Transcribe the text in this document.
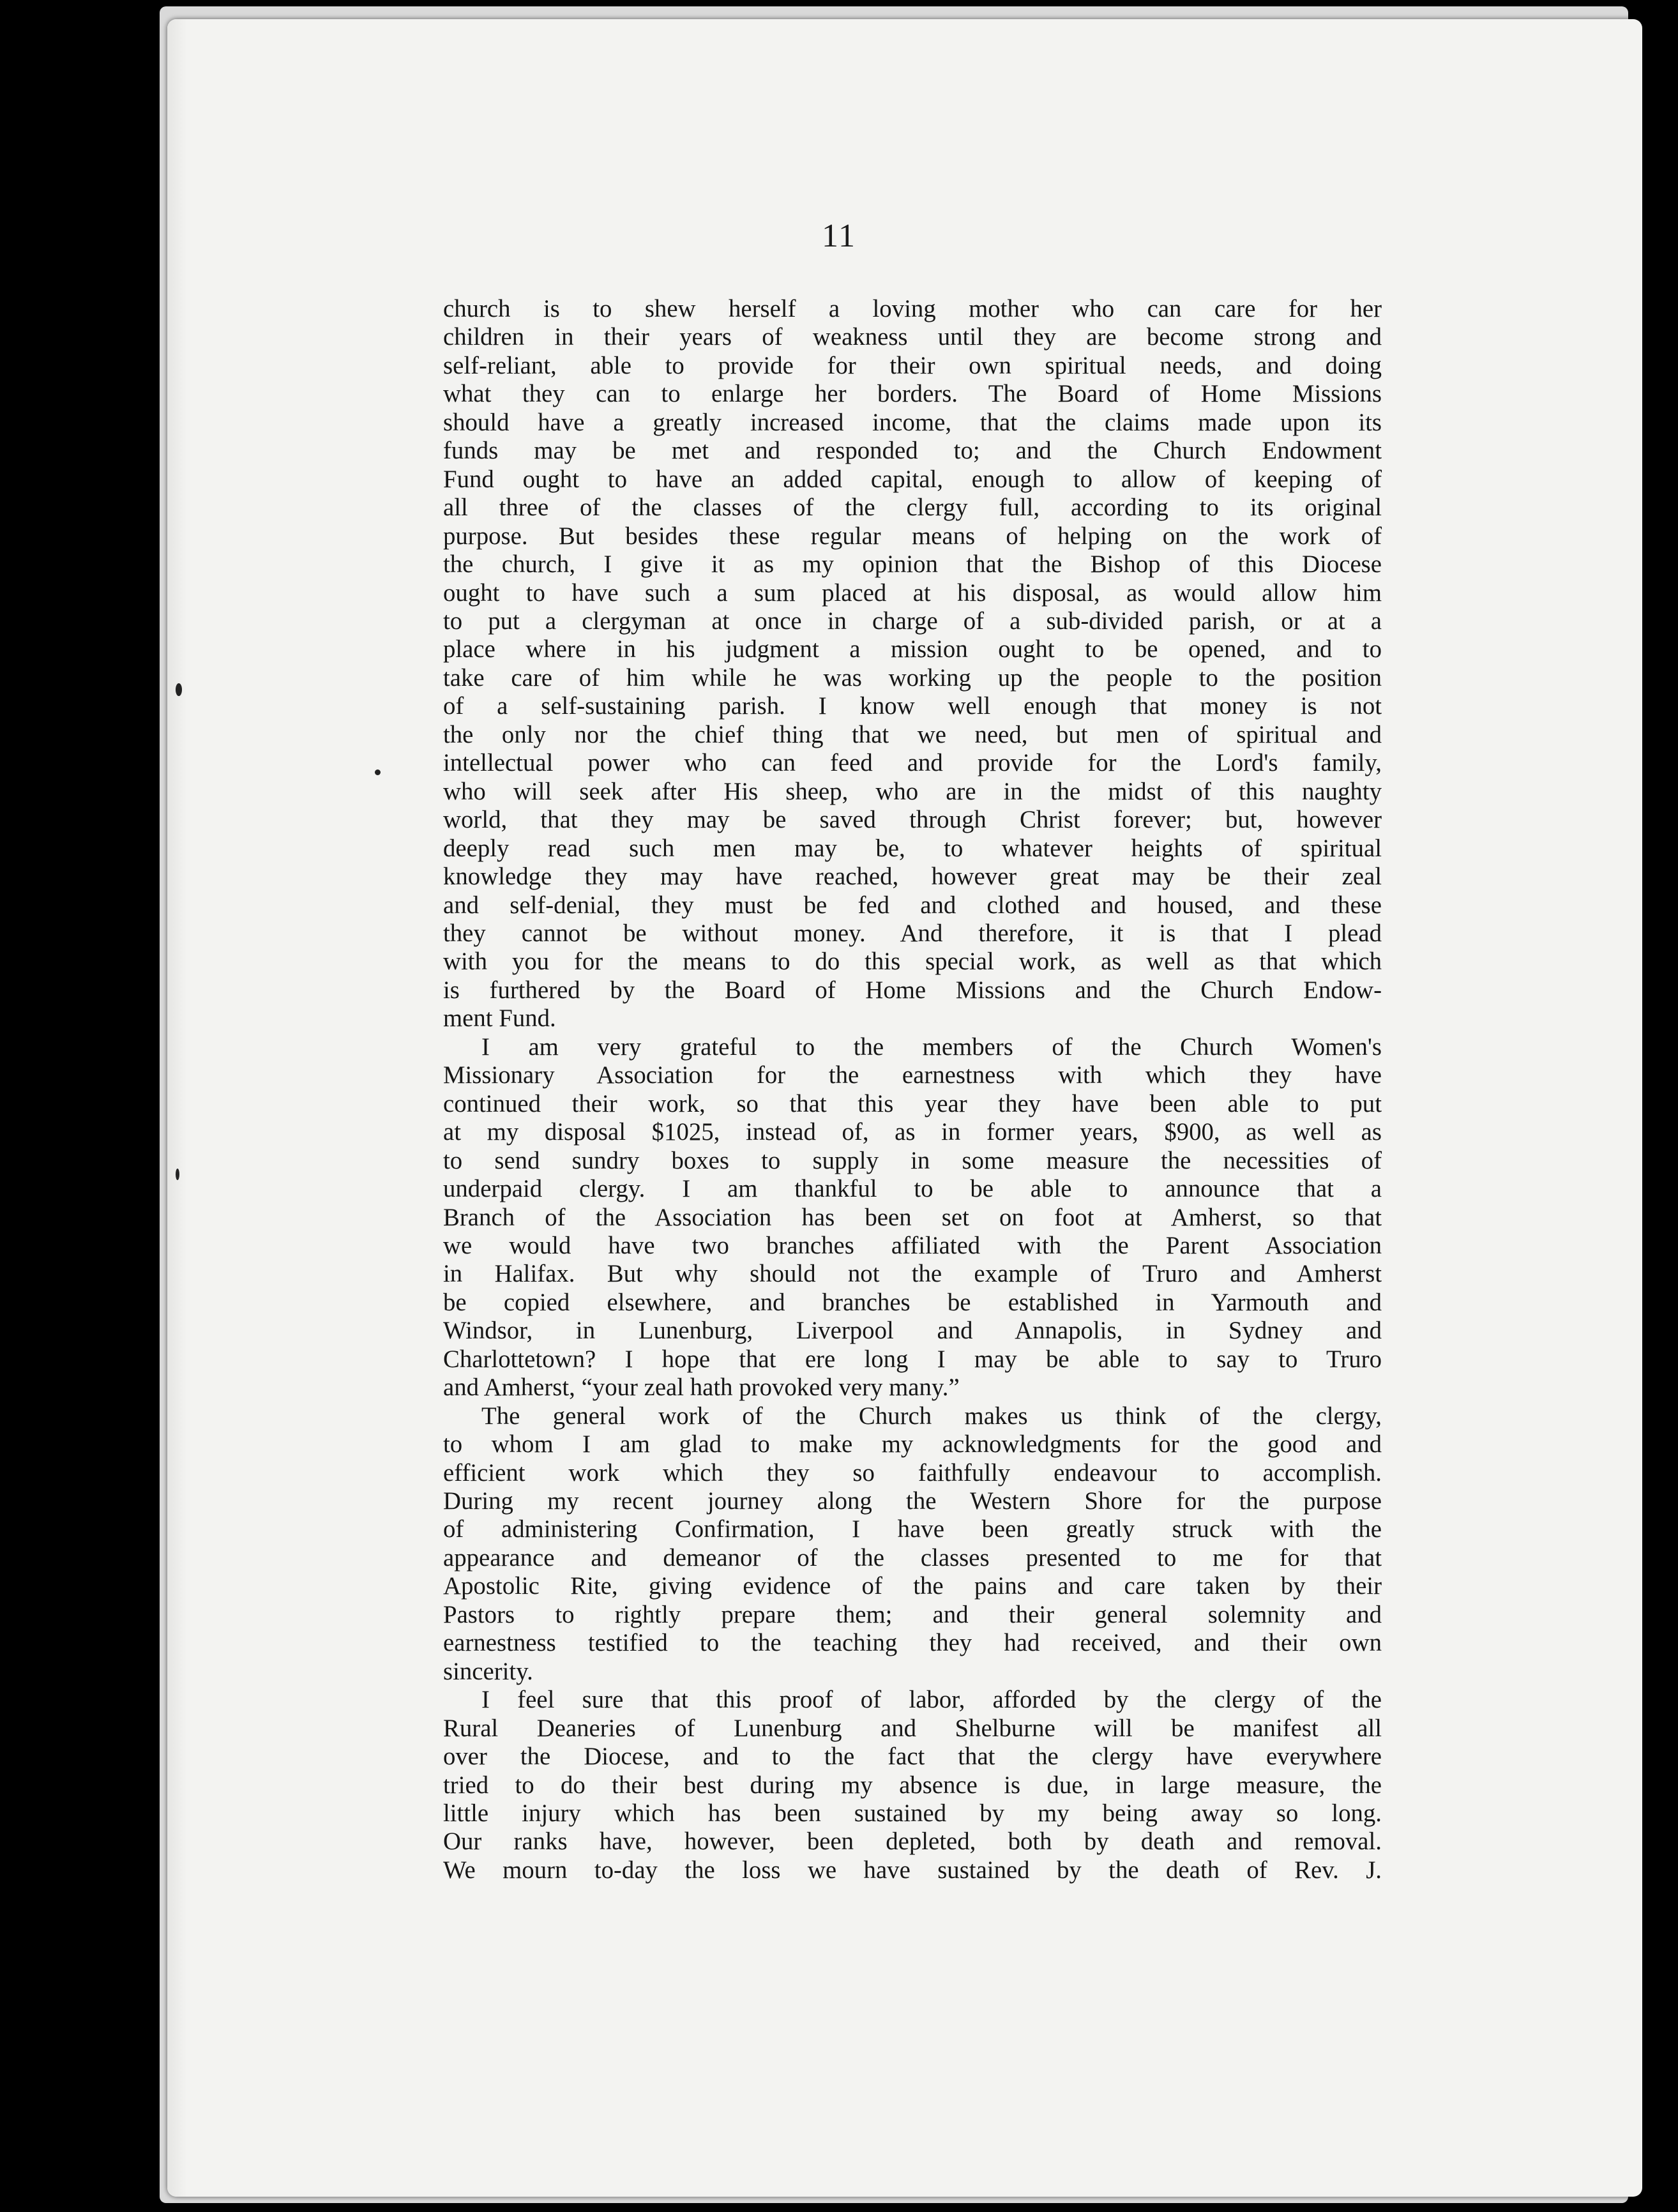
11

church is to shew herself a loving mother who can care for her

children in their years of weakness until they are become strong and

self-reliant, able to provide for their own spiritual needs, and doing

what they can to enlarge her borders. The Board of Home Missions

should have a greatly increased income, that the claims made upon its

funds may be met and responded to; and the Church Endowment

Fund ought to have an added capital, enough to allow of keeping of

all three of the classes of the clergy full, according to its original

purpose. But besides these regular means of helping on the work of

the church, I give it as my opinion that the Bishop of this Diocese

ought to have such a sum placed at his disposal, as would allow him

to put a clergyman at once in charge of a sub-divided parish, or at a

place where in his judgment a mission ought to be opened, and to

take care of him while he was working up the people to the position

of a self-sustaining parish. I know well enough that money is not

the only nor the chief thing that we need, but men of spiritual and

intellectual power who can feed and provide for the Lord's family,

who will seek after His sheep, who are in the midst of this naughty

world, that they may be saved through Christ forever; but, however

deeply read such men may be, to whatever heights of spiritual

knowledge they may have reached, however great may be their zeal

and self-denial, they must be fed and clothed and housed, and these

they cannot be without money. And therefore, it is that I plead

with you for the means to do this special work, as well as that which

is furthered by the Board of Home Missions and the Church Endow-

ment Fund.

I am very grateful to the members of the Church Women's

Missionary Association for the earnestness with which they have

continued their work, so that this year they have been able to put

at my disposal $1025, instead of, as in former years, $900, as well as

to send sundry boxes to supply in some measure the necessities of

underpaid clergy. I am thankful to be able to announce that a

Branch of the Association has been set on foot at Amherst, so that

we would have two branches affiliated with the Parent Association

in Halifax. But why should not the example of Truro and Amherst

be copied elsewhere, and branches be established in Yarmouth and

Windsor, in Lunenburg, Liverpool and Annapolis, in Sydney and

Charlottetown? I hope that ere long I may be able to say to Truro

and Amherst, “your zeal hath provoked very many.”

The general work of the Church makes us think of the clergy,

to whom I am glad to make my acknowledgments for the good and

efficient work which they so faithfully endeavour to accomplish.

During my recent journey along the Western Shore for the purpose

of administering Confirmation, I have been greatly struck with the

appearance and demeanor of the classes presented to me for that

Apostolic Rite, giving evidence of the pains and care taken by their

Pastors to rightly prepare them; and their general solemnity and

earnestness testified to the teaching they had received, and their own

sincerity.

I feel sure that this proof of labor, afforded by the clergy of the

Rural Deaneries of Lunenburg and Shelburne will be manifest all

over the Diocese, and to the fact that the clergy have everywhere

tried to do their best during my absence is due, in large measure, the

little injury which has been sustained by my being away so long.

Our ranks have, however, been depleted, both by death and removal.

We mourn to-day the loss we have sustained by the death of Rev. J.
